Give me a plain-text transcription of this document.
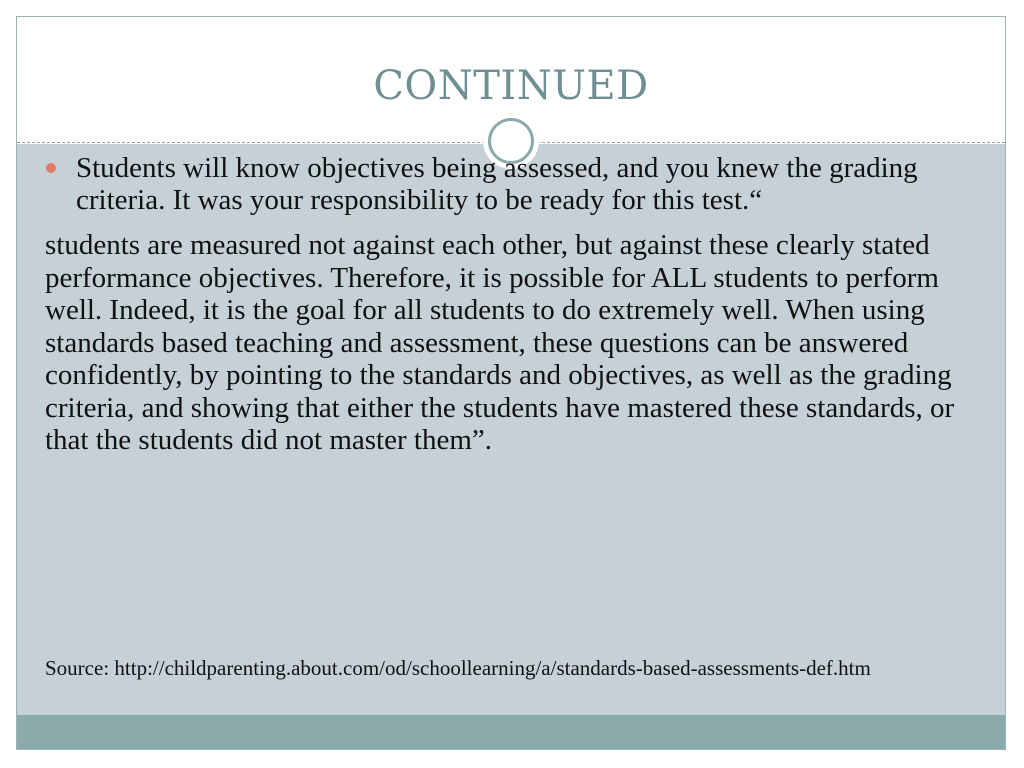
CONTINUED
Students will know objectives being assessed, and you knew the grading criteria. It was your responsibility to be ready for this test.“
students are measured not against each other, but against these clearly stated performance objectives. Therefore, it is possible for ALL students to perform well. Indeed, it is the goal for all students to do extremely well. When using standards based teaching and assessment, these questions can be answered confidently, by pointing to the standards and objectives, as well as the grading criteria, and showing that either the students have mastered these standards, or that the students did not master them”.
Source: http://childparenting.about.com/od/schoollearning/a/standards-based-assessments-def.htm
